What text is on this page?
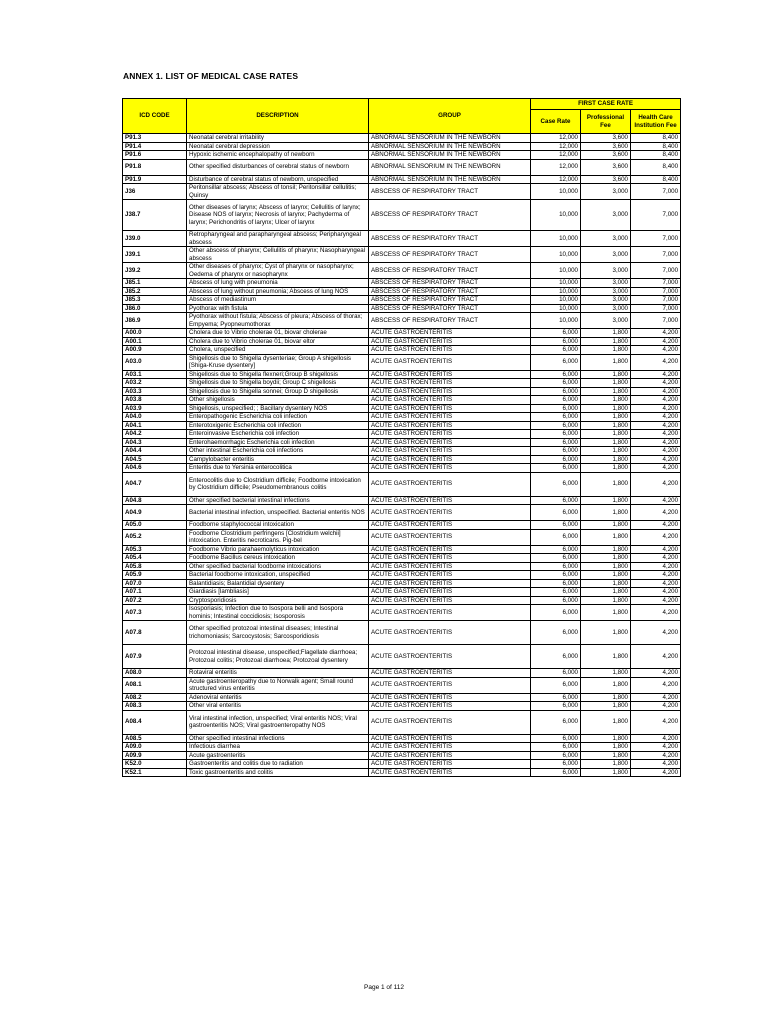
ANNEX 1. LIST OF MEDICAL CASE RATES
ICD CODE	DESCRIPTION	GROUP	FIRST CASE RATE		
			Case Rate	Professional Fee	Health Care Institution Fee
P91.3	Neonatal cerebral irritability	ABNORMAL SENSORIUM IN THE NEWBORN	12,000	3,600	8,400
P91.4	Neonatal cerebral depression	ABNORMAL SENSORIUM IN THE NEWBORN	12,000	3,600	8,400
P91.6	Hypoxic ischemic encephalopathy of newborn	ABNORMAL SENSORIUM IN THE NEWBORN	12,000	3,600	8,400
P91.8	Other specified disturbances of cerebral status of newborn	ABNORMAL SENSORIUM IN THE NEWBORN	12,000	3,600	8,400
P91.9	Disturbance of cerebral status of newborn, unspecified	ABNORMAL SENSORIUM IN THE NEWBORN	12,000	3,600	8,400
J36	Peritonsillar abscess; Abscess of tonsil; Peritonsillar cellulitis; Quinsy	ABSCESS OF RESPIRATORY TRACT	10,000	3,000	7,000
J38.7	Other diseases of larynx; Abscess of larynx; Cellulitis of larynx; Disease NOS of larynx; Necrosis of larynx; Pachyderma of larynx; Perichondritis of larynx; Ulcer of larynx	ABSCESS OF RESPIRATORY TRACT	10,000	3,000	7,000
J39.0	Retropharyngeal and parapharyngeal abscess; Peripharyngeal abscess	ABSCESS OF RESPIRATORY TRACT	10,000	3,000	7,000
J39.1	Other abscess of pharynx; Cellulitis of pharynx; Nasopharyngeal abscess	ABSCESS OF RESPIRATORY TRACT	10,000	3,000	7,000
J39.2	Other diseases of pharynx; Cyst of pharynx or nasopharynx; Oedema of pharynx or nasopharynx	ABSCESS OF RESPIRATORY TRACT	10,000	3,000	7,000
J85.1	Abscess of lung with pneumonia	ABSCESS OF RESPIRATORY TRACT	10,000	3,000	7,000
J85.2	Abscess of lung without pneumonia; Abscess of lung NOS	ABSCESS OF RESPIRATORY TRACT	10,000	3,000	7,000
J85.3	Abscess of mediastinum	ABSCESS OF RESPIRATORY TRACT	10,000	3,000	7,000
J86.0	Pyothorax with fistula	ABSCESS OF RESPIRATORY TRACT	10,000	3,000	7,000
J86.9	Pyothorax without fistula; Abscess of pleura; Abscess of thorax; Empyema; Pyopneumothorax	ABSCESS OF RESPIRATORY TRACT	10,000	3,000	7,000
A00.0	Cholera due to Vibrio cholerae 01, biovar cholerae	ACUTE GASTROENTERITIS	6,000	1,800	4,200
A00.1	Cholera due to Vibrio cholerae 01, biovar eltor	ACUTE GASTROENTERITIS	6,000	1,800	4,200
A00.9	Cholera, unspecified	ACUTE GASTROENTERITIS	6,000	1,800	4,200
A03.0	Shigellosis due to Shigella dysenteriae; Group A shigellosis [Shiga-Kruse dysentery]	ACUTE GASTROENTERITIS	6,000	1,800	4,200
A03.1	Shigellosis due to Shigella flexneri;Group B shigellosis	ACUTE GASTROENTERITIS	6,000	1,800	4,200
A03.2	Shigellosis due to Shigella boydii; Group C shigellosis	ACUTE GASTROENTERITIS	6,000	1,800	4,200
A03.3	Shigellosis due to Shigella sonnei; Group D shigellosis	ACUTE GASTROENTERITIS	6,000	1,800	4,200
A03.8	Other shigellosis	ACUTE GASTROENTERITIS	6,000	1,800	4,200
A03.9	Shigellosis, unspecified; ; Bacillary dysentery NOS	ACUTE GASTROENTERITIS	6,000	1,800	4,200
A04.0	Enteropathogenic Escherichia coli infection	ACUTE GASTROENTERITIS	6,000	1,800	4,200
A04.1	Enterotoxigenic Escherichia coli infection	ACUTE GASTROENTERITIS	6,000	1,800	4,200
A04.2	Enteroinvasive Escherichia coli infection	ACUTE GASTROENTERITIS	6,000	1,800	4,200
A04.3	Enterohaemorrhagic Escherichia coli infection	ACUTE GASTROENTERITIS	6,000	1,800	4,200
A04.4	Other intestinal Escherichia coli infections	ACUTE GASTROENTERITIS	6,000	1,800	4,200
A04.5	Campylobacter enteritis	ACUTE GASTROENTERITIS	6,000	1,800	4,200
A04.6	Enteritis due to Yersinia enterocolitica	ACUTE GASTROENTERITIS	6,000	1,800	4,200
A04.7	Enterocolitis due to Clostridium difficile; Foodborne intoxication by Clostridium difficile; Pseudomembranous colitis	ACUTE GASTROENTERITIS	6,000	1,800	4,200
A04.8	Other specified bacterial intestinal infections	ACUTE GASTROENTERITIS	6,000	1,800	4,200
A04.9	Bacterial intestinal infection, unspecified. Bacterial enteritis NOS	ACUTE GASTROENTERITIS	6,000	1,800	4,200
A05.0	Foodborne staphylococcal intoxication	ACUTE GASTROENTERITIS	6,000	1,800	4,200
A05.2	Foodborne Clostridium perfringens [Clostridium welchii] intoxication. Enteritis necroticans. Pig-bel	ACUTE GASTROENTERITIS	6,000	1,800	4,200
A05.3	Foodborne Vibrio parahaemolyticus intoxication	ACUTE GASTROENTERITIS	6,000	1,800	4,200
A05.4	Foodborne Bacillus cereus intoxication	ACUTE GASTROENTERITIS	6,000	1,800	4,200
A05.8	Other specified bacterial foodborne intoxications	ACUTE GASTROENTERITIS	6,000	1,800	4,200
A05.9	Bacterial foodborne intoxication, unspecified	ACUTE GASTROENTERITIS	6,000	1,800	4,200
A07.0	Balantidiasis; Balantidial dysentery	ACUTE GASTROENTERITIS	6,000	1,800	4,200
A07.1	Giardiasis [lambliasis]	ACUTE GASTROENTERITIS	6,000	1,800	4,200
A07.2	Cryptosporidiosis	ACUTE GASTROENTERITIS	6,000	1,800	4,200
A07.3	Isosporiasis; Infection due to Isospora belli and Isospora hominis; Intestinal coccidiosis; Isosporosis	ACUTE GASTROENTERITIS	6,000	1,800	4,200
A07.8	Other specified protozoal intestinal diseases; Intestinal trichomoniasis; Sarcocystosis; Sarcosporidiosis	ACUTE GASTROENTERITIS	6,000	1,800	4,200
A07.9	Protozoal intestinal disease, unspecified;Flagellate diarrhoea; Protozoal colitis; Protozoal diarrhoea; Protozoal dysentery	ACUTE GASTROENTERITIS	6,000	1,800	4,200
A08.0	Rotaviral enteritis	ACUTE GASTROENTERITIS	6,000	1,800	4,200
A08.1	Acute gastroenteropathy due to Norwalk agent; Small round structured virus enteritis	ACUTE GASTROENTERITIS	6,000	1,800	4,200
A08.2	Adenoviral enteritis	ACUTE GASTROENTERITIS	6,000	1,800	4,200
A08.3	Other viral enteritis	ACUTE GASTROENTERITIS	6,000	1,800	4,200
A08.4	Viral intestinal infection, unspecified; Viral enteritis NOS; Viral gastroenteritis NOS; Viral gastroenteropathy NOS	ACUTE GASTROENTERITIS	6,000	1,800	4,200
A08.5	Other specified intestinal infections	ACUTE GASTROENTERITIS	6,000	1,800	4,200
A09.0	Infectious diarrhea	ACUTE GASTROENTERITIS	6,000	1,800	4,200
A09.9	Acute gastroenteritis	ACUTE GASTROENTERITIS	6,000	1,800	4,200
K52.0	Gastroenteritis and colitis due to radiation	ACUTE GASTROENTERITIS	6,000	1,800	4,200
K52.1	Toxic gastroenteritis and colitis	ACUTE GASTROENTERITIS	6,000	1,800	4,200
Page 1 of 112
